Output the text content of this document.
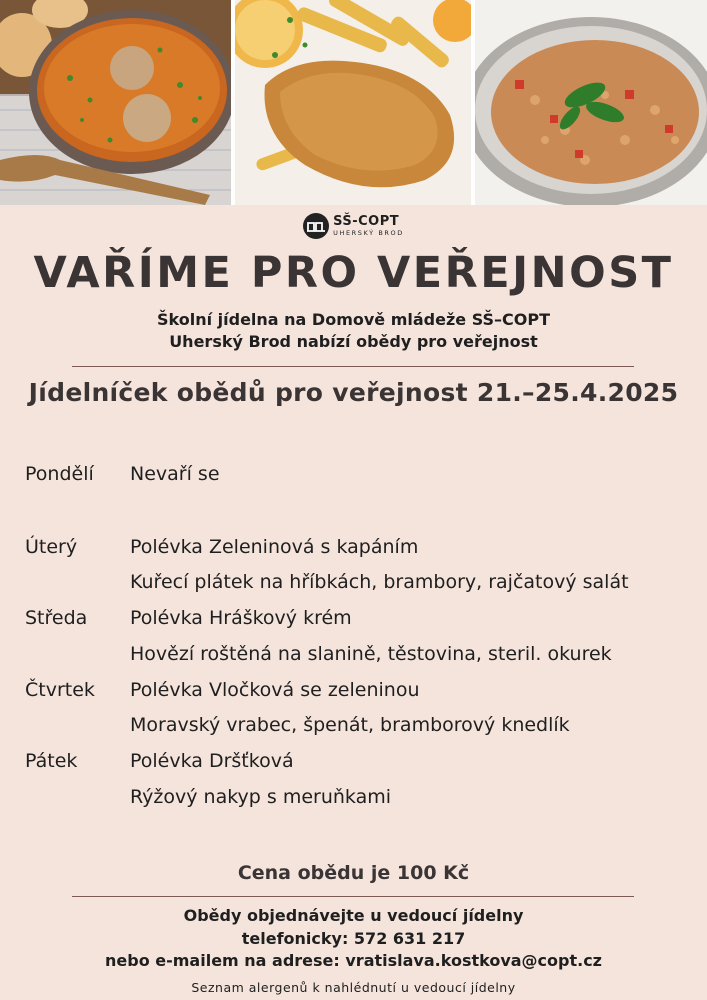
SŠ-COPT
UHERSKÝ BROD
VAŘÍME PRO VEŘEJNOST
Školní jídelna na Domově mládeže SŠ–COPT
Uherský Brod nabízí obědy pro veřejnost
Jídelníček obědů pro veřejnost 21.–25.4.2025
Pondělí Nevaří se
Úterý	Polévka Zeleninová s kapáním
Kuřecí plátek na hříbkách, brambory, rajčatový salát
Středa Polévka Hráškový krém
Hovězí roštěná na slanině, těstovina, steril. okurek
Čtvrtek Polévka Vločková se zeleninou
Moravský vrabec, špenát, bramborový knedlík
Pátek	Polévka Dršťková
Rýžový nakyp s meruňkami
Cena obědu je 100 Kč
Obědy objednávejte u vedoucí jídelny
telefonicky: 572 631 217
nebo e-mailem na adrese: vratislava.kostkova@copt.cz
Seznam alergenů k nahlédnutí u vedoucí jídelny
